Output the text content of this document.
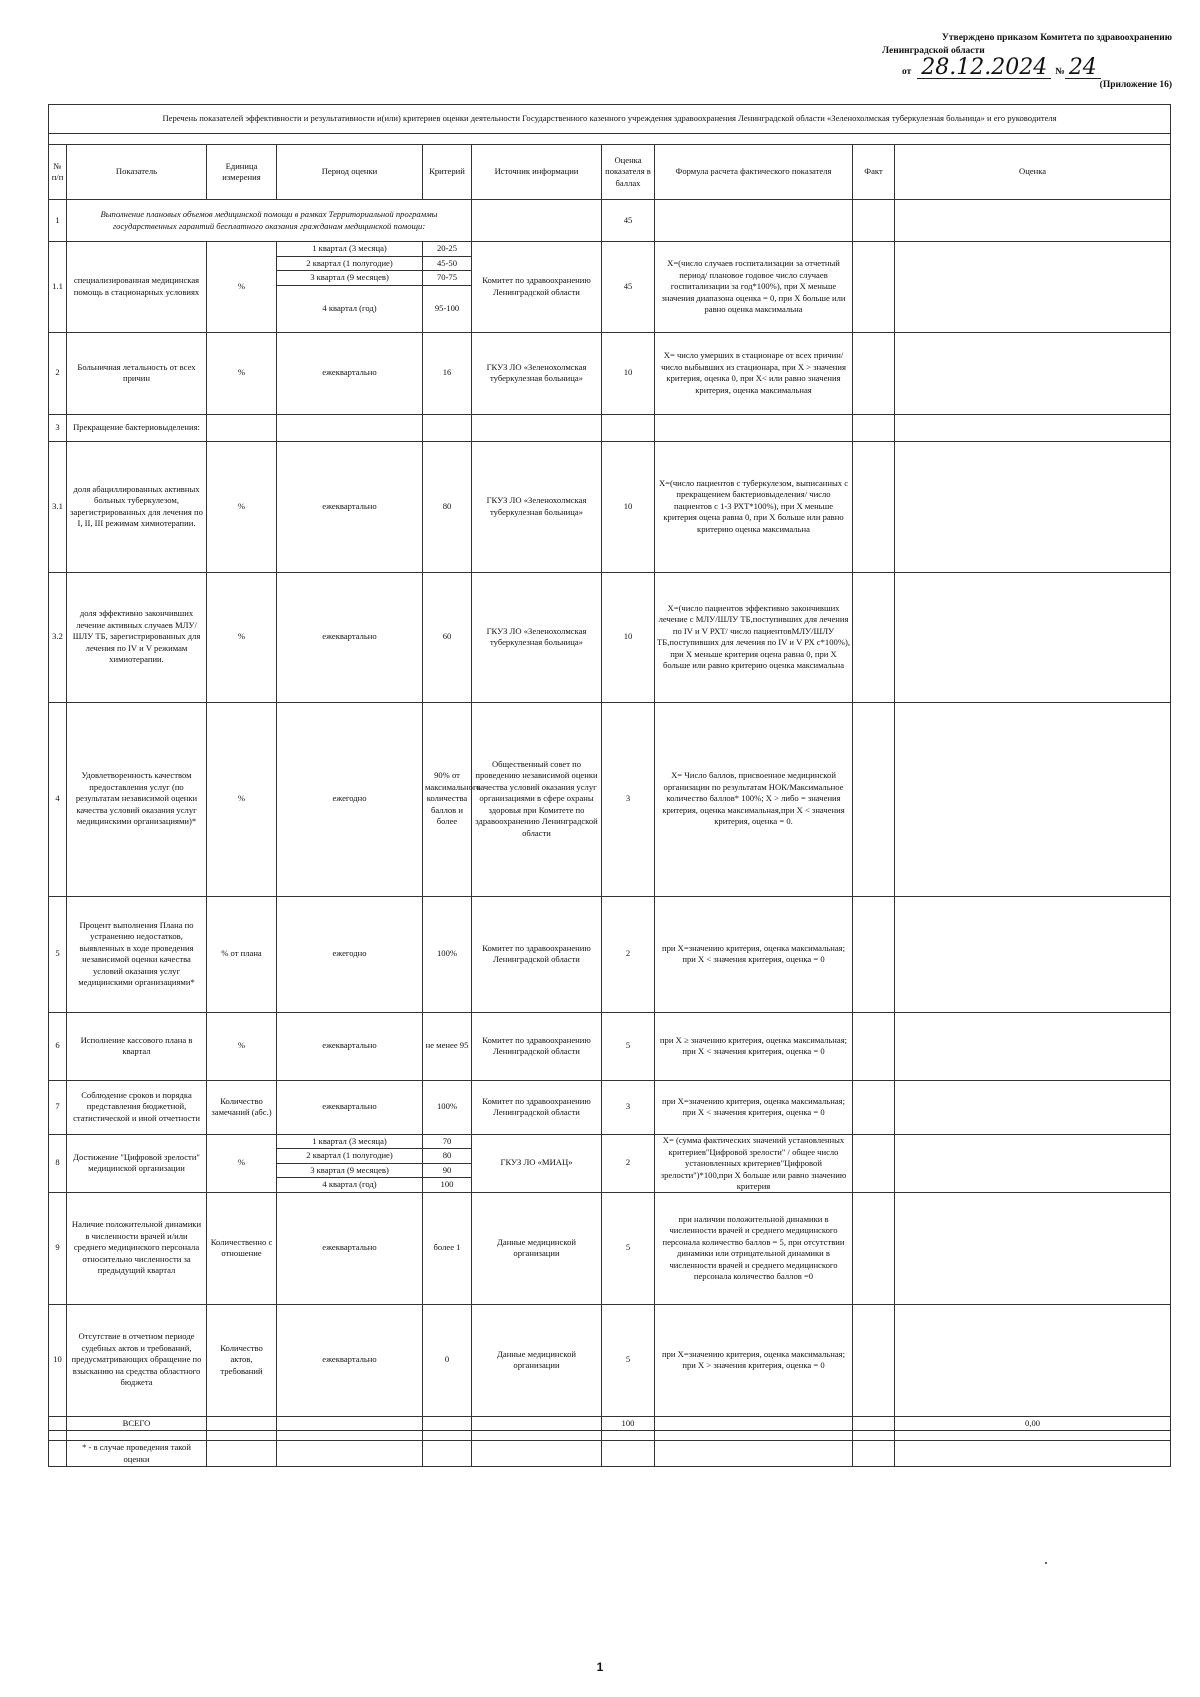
Утверждено приказом Комитета по здравоохранению
Ленинградской области
от 28.12.2024 № 24
(Приложение 16)
Перечень показателей эффективности и результативности и(или) критериев оценки деятельности Государственного казенного учреждения здравоохранения Ленинградской области «Зеленохолмская туберкулезная больница» и его руководителя									

№ п/п	Показатель	Единица измерения	Период оценки	Критерий	Источник информации	Оценка показателя в баллах	Формула расчета фактического показателя	Факт	Оценка
1	Выполнение плановых объемов медицинской помощи в рамках Территориальной программы государственных гарантий бесплатного оказания гражданам медицинской помощи:					45			
1.1	специализированная медицинская помощь в стационарных условиях	%	1 квартал (3 месяца)	20-25	Комитет по здравоохранению Ленинградской области	45	Х=(число случаев госпитализации за отчетный период/ плановое годовое число случаев госпитализации за год*100%), при Х меньше значения диапазона оценка = 0, при Х больше или равно оценка максимальна		
			2 квартал (1 полугодие)	45-50					
			3 квартал (9 месяцев)	70-75					
			4 квартал (год)	95-100					
2	Больничная летальность от всех причин	%	ежеквартально	16	ГКУЗ ЛО «Зеленохолмская туберкулезная больница»	10	Х= число умерших в стационаре от всех причин/число выбывших из стационара, при Х > значения критерия, оценка 0, при Х< или равно значения критерия, оценка максимальная		
3	Прекращение бактериовыделения:								
3.1	доля абациллированных активных больных туберкулезом, зарегистрированных для лечения по I, II, III режимам химиотерапии.	%	ежеквартально	80	ГКУЗ ЛО «Зеленохолмская туберкулезная больница»	10	Х=(число пациентов с туберкулезом, выписанных с прекращением бактериовыделения/ число пациентов с 1-3 РХТ*100%), при Х меньше критерия оцена равна 0, при Х больше или равно критерию оценка максимальна		
3.2	доля эффективно закончивших лечение активных случаев МЛУ/ШЛУ ТБ, зарегистрированных для лечения по IV и V режимам химиотерапии.	%	ежеквартально	60	ГКУЗ ЛО «Зеленохолмская туберкулезная больница»	10	Х=(число пациентов эффективно закончивших лечение с МЛУ/ШЛУ ТБ,поступивших для лечения по IV и V РХТ/ число пациентовМЛУ/ШЛУ ТБ,поступивших для лечения по IV и V РХ с*100%), при Х меньше критерия оцена равна 0, при Х больше или равно критерию оценка максимальна		
4	Удовлетворенность качеством предоставления услуг (по результатам независимой оценки качества условий оказания услуг медицинскими организациями)*	%	ежегодно	90% от максимального количества баллов и более	Общественный совет по проведению независимой оценки качества условий оказания услуг организациями в сфере охраны здоровья при Комитете по здравоохранению Ленинградской области	3	Х= Число баллов, присвоенное медицинской организации по результатам НОК/Максимальное количество баллов* 100%; Х > либо = значения критерия, оценка максимальная,при Х < значения критерия, оценка = 0.		
5	Процент выполнения Плана по устранению недостатков, выявленных в ходе проведения независимой оценки качества условий оказания услуг медицинскими организациями*	% от плана	ежегодно	100%	Комитет по здравоохранению Ленинградской области	2	при Х=значению критерия, оценка максимальная; при Х < значения критерия, оценка = 0		
6	Исполнение кассового плана в квартал	%	ежеквартально	не менее 95	Комитет по здравоохранению Ленинградской области	5	при Х ≥ значению критерия, оценка максимальная; при Х < значения критерия, оценка = 0		
7	Соблюдение сроков и порядка представления бюджетной, статистической и иной отчетности	Количество замечаний (абс.)	ежеквартально	100%	Комитет по здравоохранению Ленинградской области	3	при Х=значению критерия, оценка максимальная; при Х < значения критерия, оценка = 0		
8	Достижение "Цифровой зрелости" медицинской организации	%	1 квартал (3 месяца)	70	ГКУЗ ЛО «МИАЦ»	2	Х= (сумма фактических значений установленных критериев"Цифровой зрелости" / общее число установленных критериев"Цифровой зрелости")*100,при Х больше или равно значению критерия		

			2 квартал (1 полугодие)	80					
			3 квартал (9 месяцев)	90					
			4 квартал (год)	100					
9	Наличие положительной динамики в численности врачей и/или среднего медицинского персонала относительно численности за предыдущий квартал	Количественно с отношение	ежеквартально	более 1	Данные медицинской организации	5	при наличии положительной динамики в численности врачей и среднего медицинского персонала количество баллов = 5, при отсутствии динамики или отрицательной динамики в численности врачей и среднего медицинского персонала количество баллов =0		
10	Отсутствие в отчетном периоде судебных актов и требований, предусматривающих обращение по взысканию на средства областного бюджета	Количество актов, требований	ежеквартально	0	Данные медицинской организации	5	при Х=значению критерия, оценка максимальная; при Х > значения критерия, оценка = 0		
	ВСЕГО					100			0,00

	* - в случае проведения такой оценки								
1
